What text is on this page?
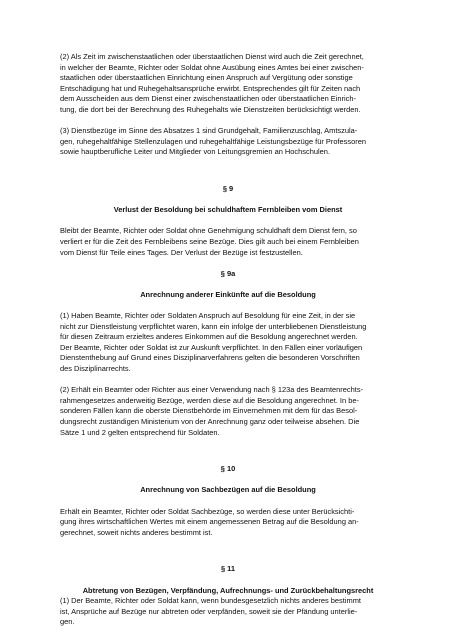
(2) Als Zeit im zwischenstaatlichen oder überstaatlichen Dienst wird auch die Zeit gerechnet,
in welcher der Beamte, Richter oder Soldat ohne Ausübung eines Amtes bei einer zwischen-
staatlichen oder überstaatlichen Einrichtung einen Anspruch auf Vergütung oder sonstige
Entschädigung hat und Ruhegehaltsansprüche erwirbt. Entsprechendes gilt für Zeiten nach
dem Ausscheiden aus dem Dienst einer zwischenstaatlichen oder überstaatlichen Einrich-
tung, die dort bei der Berechnung des Ruhegehalts wie Dienstzeiten berücksichtigt werden.

(3) Dienstbezüge im Sinne des Absatzes 1 sind Grundgehalt, Familienzuschlag, Amtszula-
gen, ruhegehaltfähige Stellenzulagen und ruhegehaltfähige Leistungsbezüge für Professoren
sowie hauptberufliche Leiter und Mitglieder von Leitungsgremien an Hochschulen.

§ 9

Verlust der Besoldung bei schuldhaftem Fernbleiben vom Dienst

Bleibt der Beamte, Richter oder Soldat ohne Genehmigung schuldhaft dem Dienst fern, so
verliert er für die Zeit des Fernbleibens seine Bezüge. Dies gilt auch bei einem Fernbleiben
vom Dienst für Teile eines Tages. Der Verlust der Bezüge ist festzustellen.

§ 9a

Anrechnung anderer Einkünfte auf die Besoldung

(1) Haben Beamte, Richter oder Soldaten Anspruch auf Besoldung für eine Zeit, in der sie
nicht zur Dienstleistung verpflichtet waren, kann ein infolge der unterbliebenen Dienstleistung
für diesen Zeitraum erzieltes anderes Einkommen auf die Besoldung angerechnet werden.
Der Beamte, Richter oder Soldat ist zur Auskunft verpflichtet. In den Fällen einer vorläufigen
Dienstenthebung auf Grund eines Disziplinarverfahrens gelten die besonderen Vorschriften
des Disziplinarrechts.

(2) Erhält ein Beamter oder Richter aus einer Verwendung nach § 123a des Beamtenrechts-
rahmengesetzes anderweitig Bezüge, werden diese auf die Besoldung angerechnet. In be-
sonderen Fällen kann die oberste Dienstbehörde im Einvernehmen mit dem für das Besol-
dungsrecht zuständigen Ministerium von der Anrechnung ganz oder teilweise absehen. Die
Sätze 1 und 2 gelten entsprechend für Soldaten.

§ 10

Anrechnung von Sachbezügen auf die Besoldung

Erhält ein Beamter, Richter oder Soldat Sachbezüge, so werden diese unter Berücksichti-
gung ihres wirtschaftlichen Wertes mit einem angemessenen Betrag auf die Besoldung an-
gerechnet, soweit nichts anderes bestimmt ist.

§ 11

Abtretung von Bezügen, Verpfändung, Aufrechnungs- und Zurückbehaltungsrecht

(1) Der Beamte, Richter oder Soldat kann, wenn bundesgesetzlich nichts anderes bestimmt
ist, Ansprüche auf Bezüge nur abtreten oder verpfänden, soweit sie der Pfändung unterlie-
gen.
